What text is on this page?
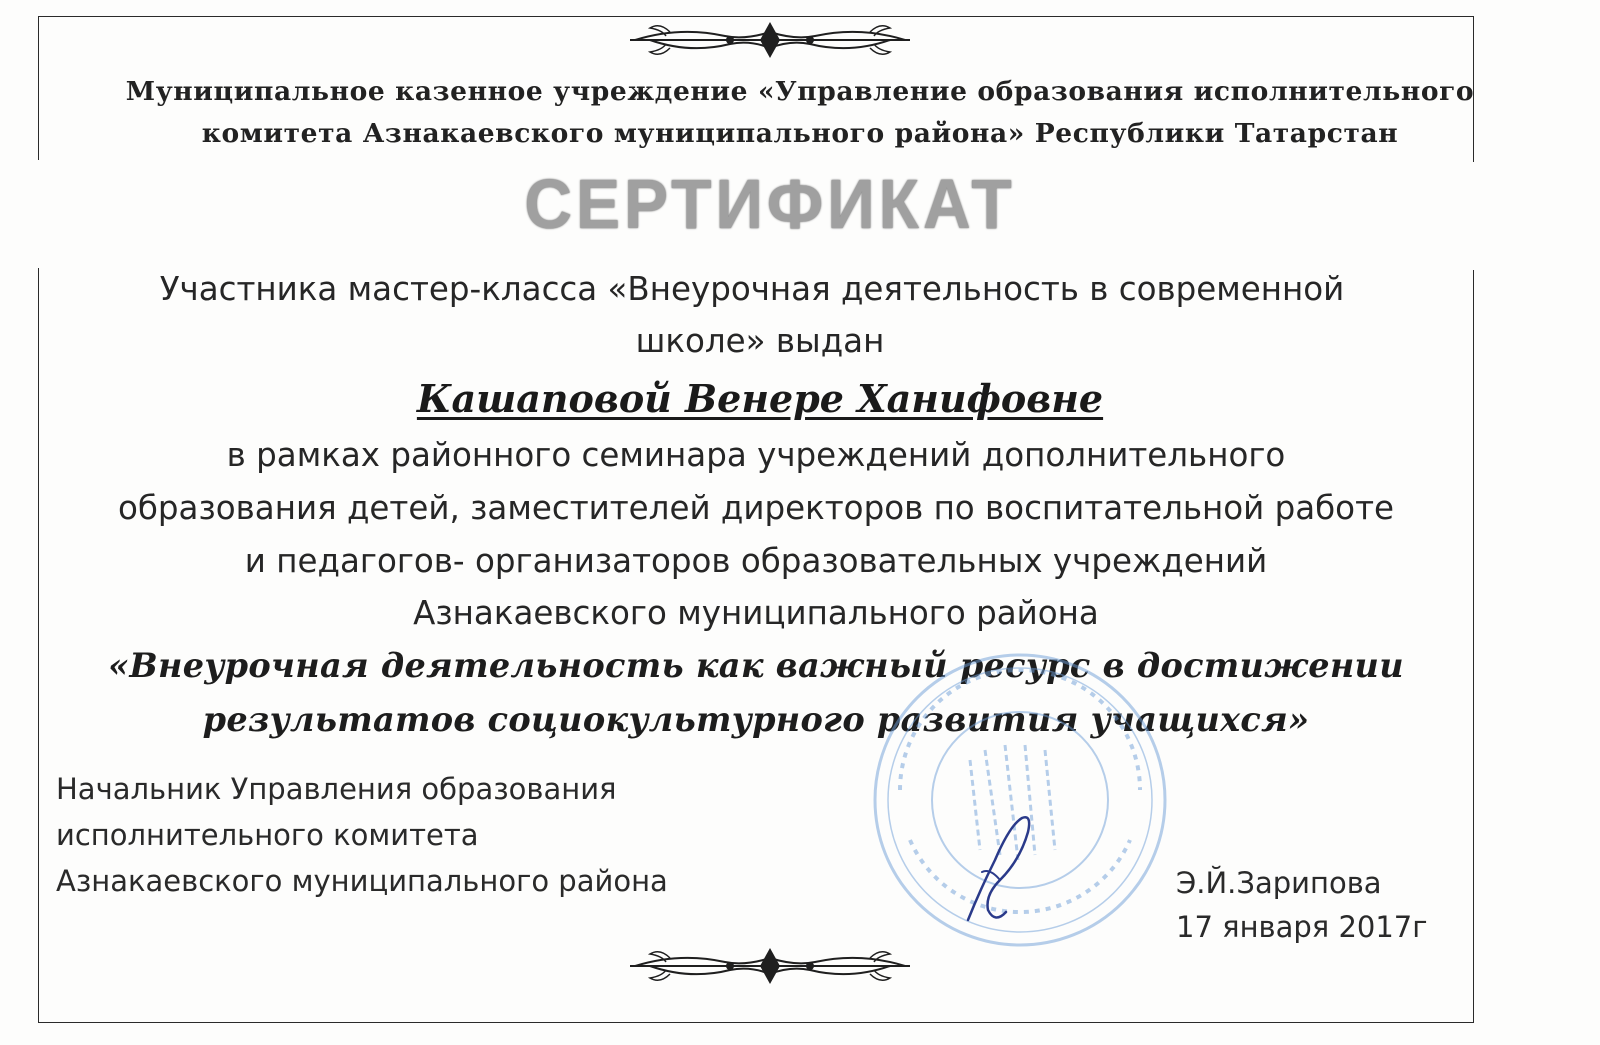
Муниципальное казенное учреждение «Управление образования исполнительного
комитета Азнакаевского муниципального района» Республики Татарстан
СЕРТИФИКАТ
Участника мастер-класса «Внеурочная деятельность в современной
школе» выдан
Кашаповой Венере Ханифовне
в рамках районного семинара учреждений дополнительного
образования детей, заместителей директоров по воспитательной работе
и педагогов- организаторов образовательных учреждений
Азнакаевского муниципального района
«Внеурочная деятельность как важный ресурс в достижении
результатов социокультурного развития учащихся»
Начальник Управления образования
исполнительного комитета
Азнакаевского муниципального района	Э.Й.Зарипова
17 января 2017г
